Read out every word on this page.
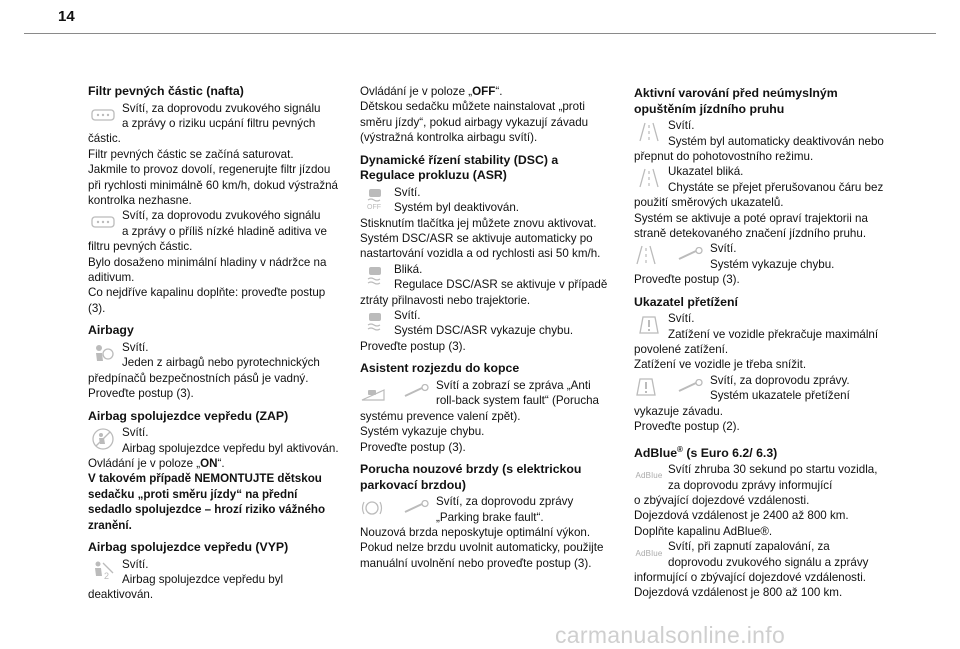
14
Filtr pevných částic (nafta)

Svítí, za doprovodu zvukového signálu

a zprávy o riziku ucpání filtru pevných

částic.

Filtr pevných částic se začíná saturovat.

Jakmile to provoz dovolí, regenerujte filtr jízdou

při rychlosti minimálně 60 km/h, dokud výstražná

kontrolka nezhasne.

Svítí, za doprovodu zvukového signálu

a zprávy o příliš nízké hladině aditiva ve

filtru pevných částic.

Bylo dosaženo minimální hladiny v nádržce na

aditivum.

Co nejdříve kapalinu doplňte: proveďte postup

(3).

Airbagy

Svítí.

Jeden z airbagů nebo pyrotechnických

předpínačů bezpečnostních pásů je vadný.

Proveďte postup (3).

Airbag spolujezdce vepředu (ZAP)

Svítí.

Airbag spolujezdce vepředu byl aktivován.

Ovládání je v poloze „ON“.

V takovém případě NEMONTUJTE dětskou

sedačku „proti směru jízdy“ na přední

sedadlo spolujezdce – hrozí riziko vážného

zranění.

Airbag spolujezdce vepředu (VYP)
2

Svítí.

Airbag spolujezdce vepředu byl

deaktivován.

Ovládání je v poloze „OFF“.

Dětskou sedačku můžete nainstalovat „proti

směru jízdy“, pokud airbagy vykazují závadu

(výstražná kontrolka airbagu svítí).

Dynamické řízení stability (DSC) a
Regulace prokluzu (ASR)
OFF

Svítí.

Systém byl deaktivován.

Stisknutím tlačítka jej můžete znovu aktivovat.

Systém DSC/ASR se aktivuje automaticky po

nastartování vozidla a od rychlosti asi 50 km/h.

Bliká.

Regulace DSC/ASR se aktivuje v případě

ztráty přilnavosti nebo trajektorie.

Svítí.

Systém DSC/ASR vykazuje chybu.

Proveďte postup (3).

Asistent rozjezdu do kopce

Svítí a zobrazí se zpráva „Anti

roll-back system fault“ (Porucha

systému prevence valení zpět).

Systém vykazuje chybu.

Proveďte postup (3).

Porucha nouzové brzdy (s elektrickou
parkovací brzdou)

Svítí, za doprovodu zprávy

„Parking brake fault“.

Nouzová brzda neposkytuje optimální výkon.

Pokud nelze brzdu uvolnit automaticky, použijte

manuální uvolnění nebo proveďte postup (3).

Aktivní varování před neúmyslným
opuštěním jízdního pruhu

Svítí.

Systém byl automaticky deaktivován nebo

přepnut do pohotovostního režimu.

Ukazatel bliká.

Chystáte se přejet přerušovanou čáru bez

použití směrových ukazatelů.

Systém se aktivuje a poté opraví trajektorii na

straně detekovaného značení jízdního pruhu.

Svítí.

Systém vykazuje chybu.

Proveďte postup (3).

Ukazatel přetížení

Svítí.

Zatížení ve vozidle překračuje maximální

povolené zatížení.

Zatížení ve vozidle je třeba snížit.

Svítí, za doprovodu zprávy.

Systém ukazatele přetížení

vykazuje závadu.

Proveďte postup (2).

AdBlue® (s Euro 6.2/ 6.3)
AdBlue Svítí zhruba 30 sekund po startu vozidla,

za doprovodu zprávy informující

o zbývající dojezdové vzdálenosti.

Dojezdová vzdálenost je 2400 až 800 km.

Doplňte kapalinu AdBlue®.

AdBlue Svítí, při zapnutí zapalování, za

doprovodu zvukového signálu a zprávy

informující o zbývající dojezdové vzdálenosti.

Dojezdová vzdálenost je 800 až 100 km.

carmanualsonline.info
